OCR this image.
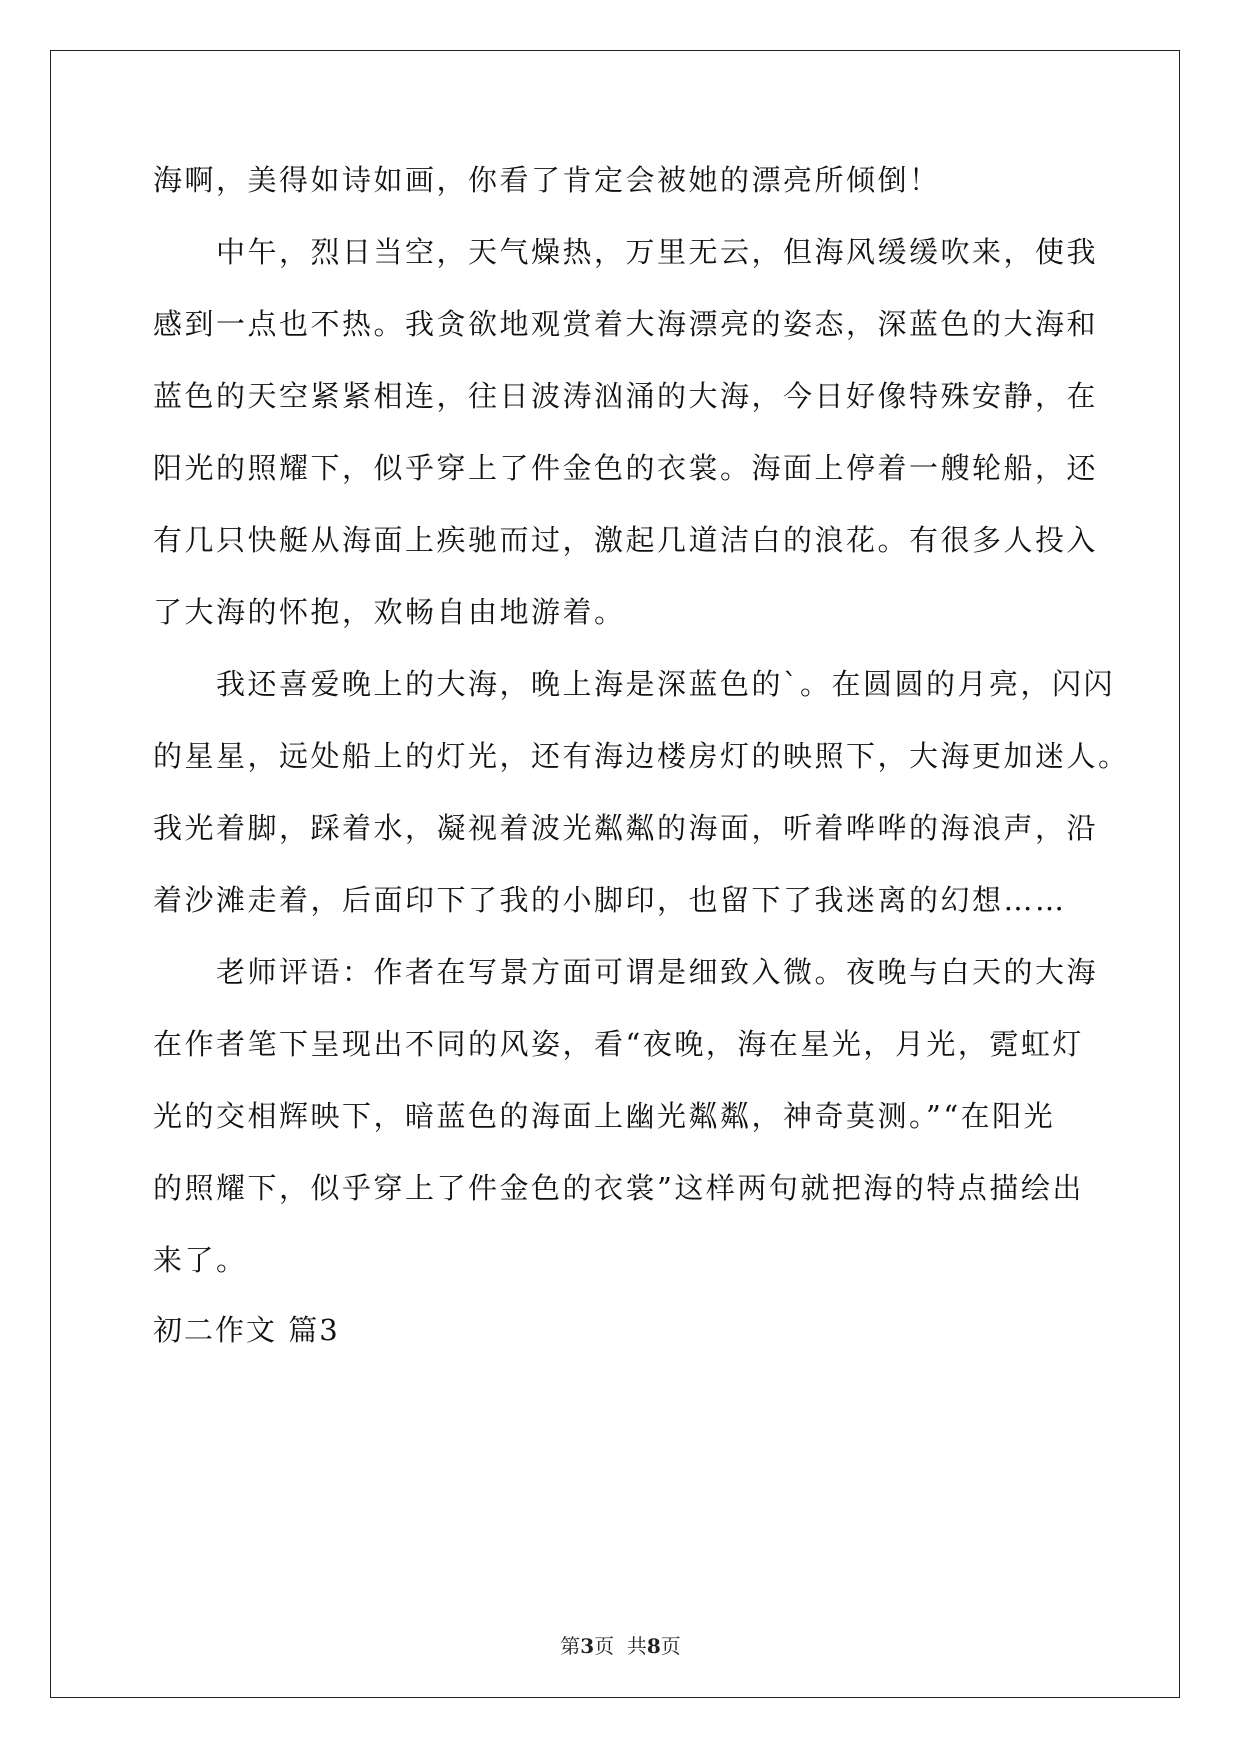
海啊，美得如诗如画，你看了肯定会被她的漂亮所倾倒！
中午，烈日当空，天气燥热，万里无云，但海风缓缓吹来，使我
感到一点也不热。我贪欲地观赏着大海漂亮的姿态，深蓝色的大海和
蓝色的天空紧紧相连，往日波涛汹涌的大海，今日好像特殊安静，在
阳光的照耀下，似乎穿上了件金色的衣裳。海面上停着一艘轮船，还
有几只快艇从海面上疾驰而过，激起几道洁白的浪花。有很多人投入
了大海的怀抱，欢畅自由地游着。
我还喜爱晚上的大海，晚上海是深蓝色的`。在圆圆的月亮，闪闪
的星星，远处船上的灯光，还有海边楼房灯的映照下，大海更加迷人。
我光着脚，踩着水，凝视着波光粼粼的海面，听着哗哗的海浪声，沿
着沙滩走着，后面印下了我的小脚印，也留下了我迷离的幻想……
老师评语：作者在写景方面可谓是细致入微。夜晚与白天的大海
在作者笔下呈现出不同的风姿，看“夜晚，海在星光，月光，霓虹灯
光的交相辉映下，暗蓝色的海面上幽光粼粼，神奇莫测。”“在阳光
的照耀下，似乎穿上了件金色的衣裳”这样两句就把海的特点描绘出
来了。
初二作文 篇3
第3页  共8页
